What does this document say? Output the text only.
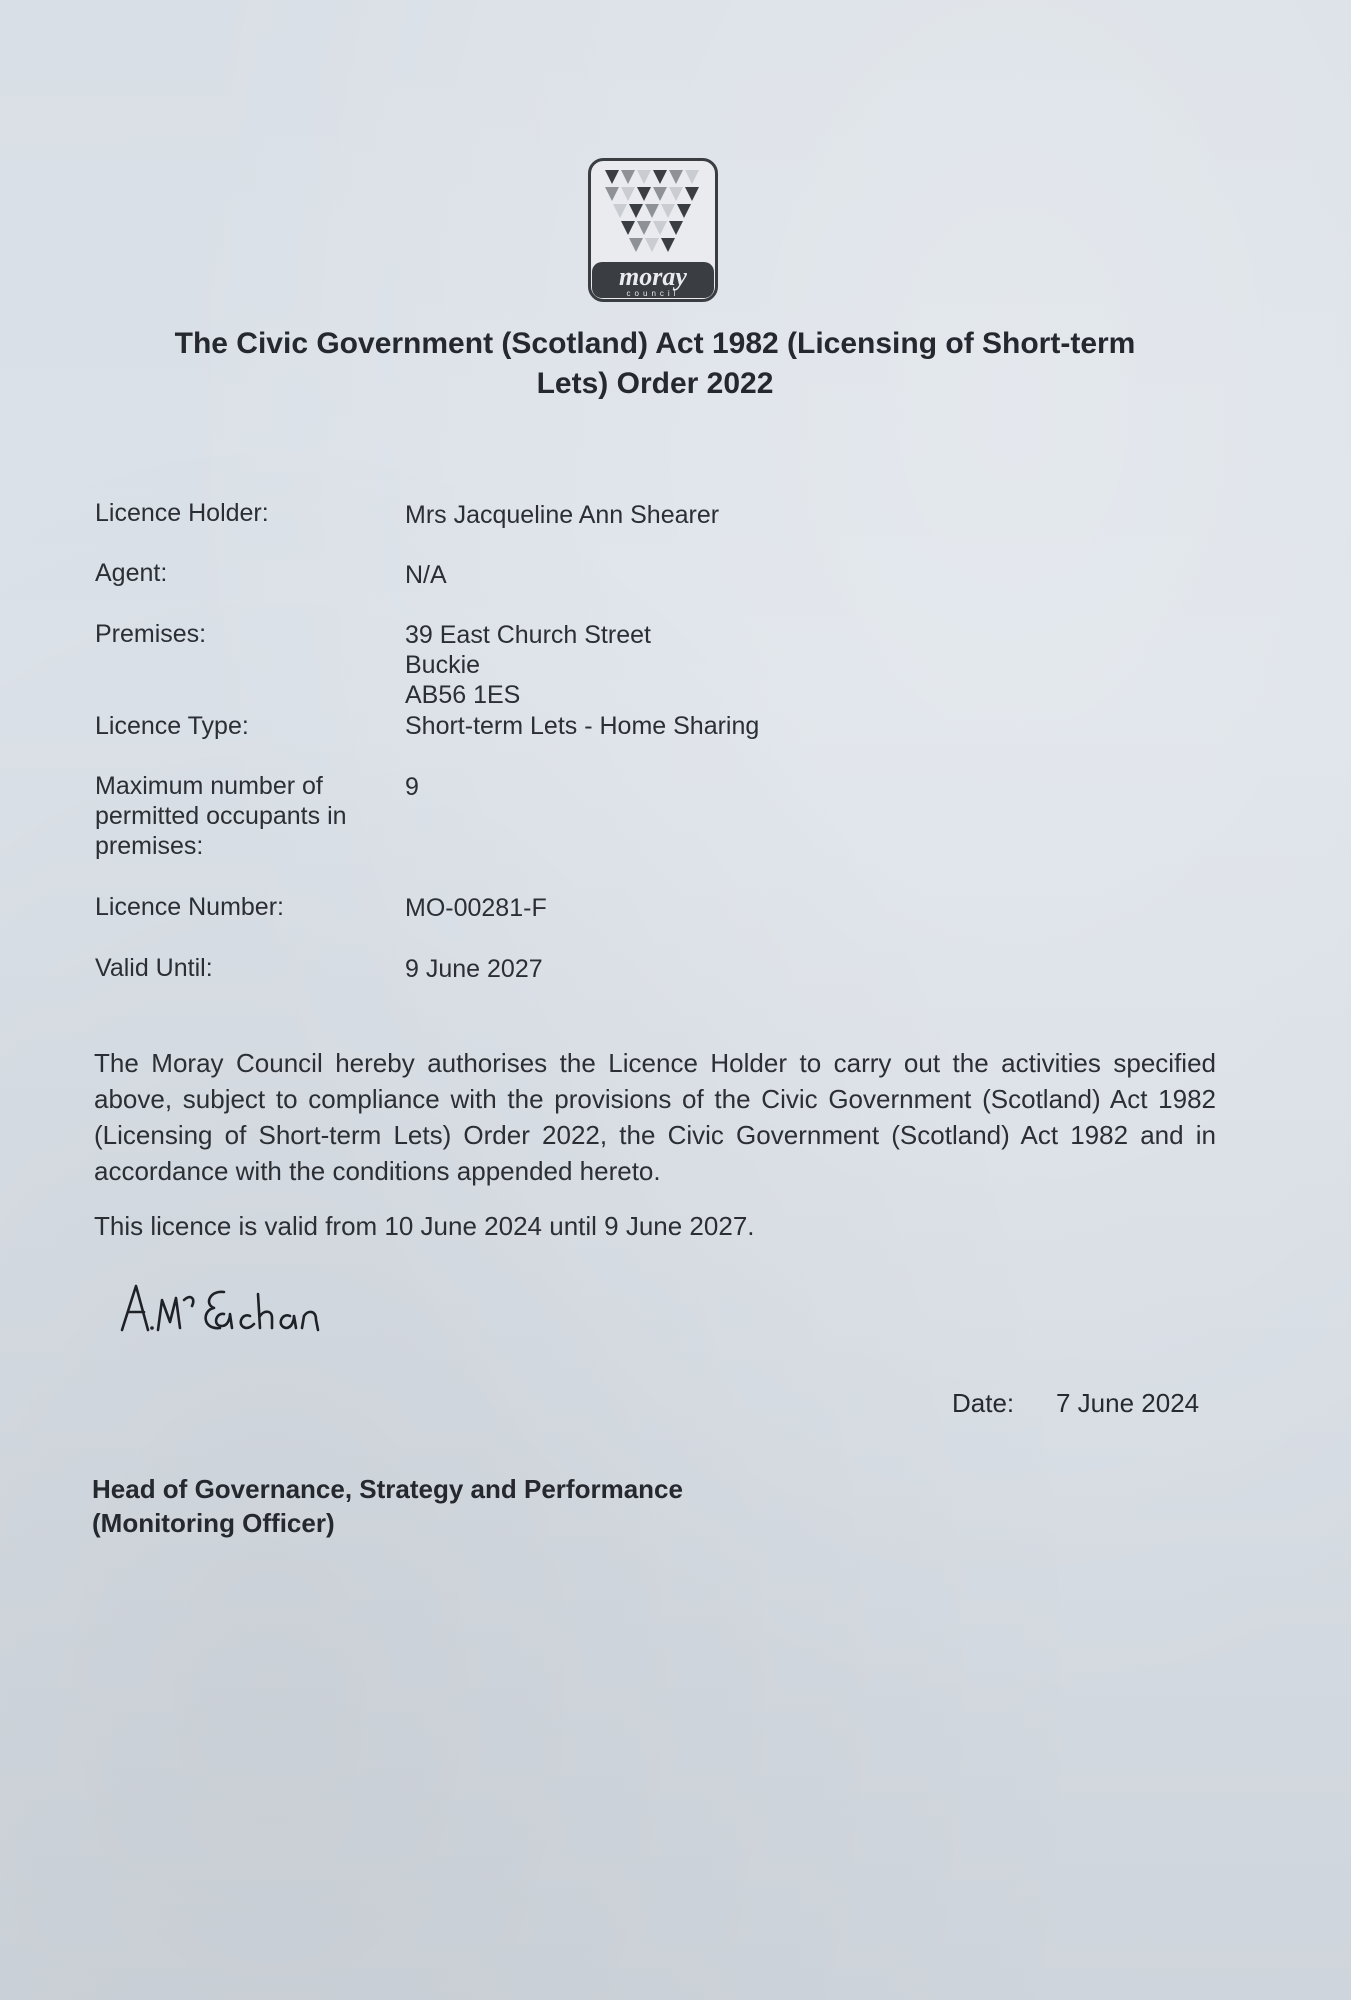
moray
council
The Civic Government (Scotland) Act 1982 (Licensing of Short-term
Lets) Order 2022
Licence Holder:	Mrs Jacqueline Ann Shearer
Agent:	N/A
Premises:	39 East Church Street
Buckie
AB56 1ES
Licence Type:	Short-term Lets - Home Sharing
Maximum number of
permitted occupants in
premises:
9
Licence Number:	MO-00281-F
Valid Until:	9 June 2027
The Moray Council hereby authorises the Licence Holder to carry out the activities specified above, subject to compliance with the provisions of the Civic Government (Scotland) Act 1982 (Licensing of Short-term Lets) Order 2022, the Civic Government (Scotland) Act 1982 and in accordance with the conditions appended hereto.
This licence is valid from 10 June 2024 until 9 June 2027.
Date: 7 June 2024
Head of Governance, Strategy and Performance
(Monitoring Officer)
